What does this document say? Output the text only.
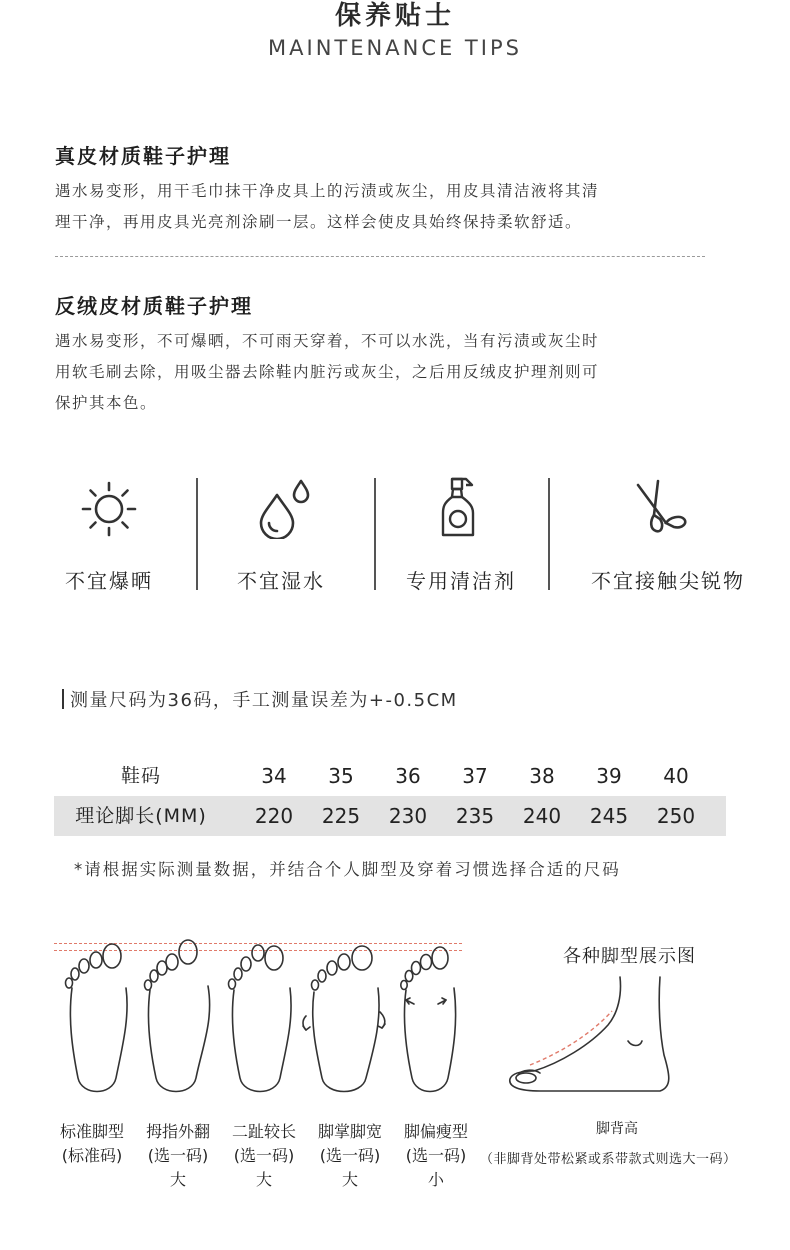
保养贴士
MAINTENANCE TIPS
真皮材质鞋子护理
遇水易变形，用干毛巾抹干净皮具上的污渍或灰尘，用皮具清洁液将其清
理干净，再用皮具光亮剂涂刷一层。这样会使皮具始终保持柔软舒适。
反绒皮材质鞋子护理
遇水易变形，不可爆晒，不可雨天穿着，不可以水洗，当有污渍或灰尘时
用软毛刷去除，用吸尘器去除鞋内脏污或灰尘，之后用反绒皮护理剂则可
保护其本色。
不宜爆晒	不宜湿水	专用清洁剂	不宜接触尖锐物
测量尺码为36码，手工测量误差为+-0.5CM
鞋码	34	35	36	37	38	39	40
理论脚长(MM)	220	225	230	235	240	245	250
*请根据实际测量数据，并结合个人脚型及穿着习惯选择合适的尺码
标准脚型
(标准码)
拇指外翻
(选一码)
大
二趾较长
(选一码)
大
脚掌脚宽
(选一码)
大
脚偏瘦型
(选一码)
小
各种脚型展示图
脚背高
（非脚背处带松紧或系带款式则选大一码）
